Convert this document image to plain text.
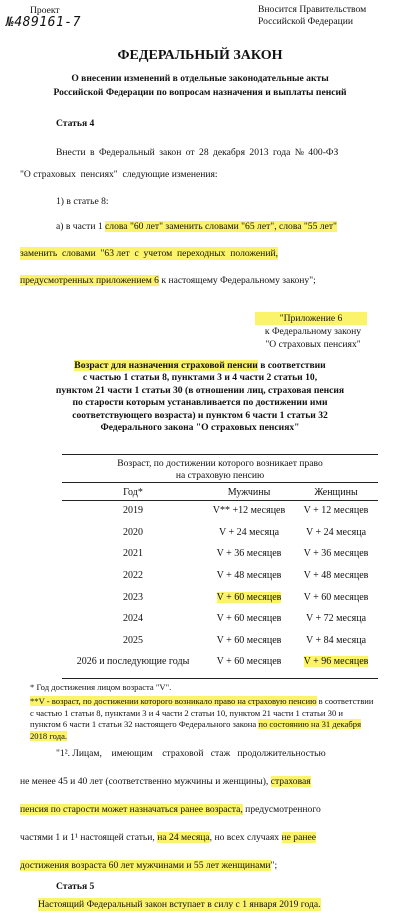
Проект
№489161-7
Вносится Правительством
Российской Федерации
ФЕДЕРАЛЬНЫЙ ЗАКОН
О внесении изменений в отдельные законодательные акты
Российской Федерации по вопросам назначения и выплаты пенсий
Статья 4
Внести в Федеральный закон от 28 декабря 2013 года № 400-ФЗ
"О страховых  пенсиях"  следующие изменения:
1) в статье 8:
а) в части 1 слова "60 лет" заменить словами "65 лет", слова "55 лет"
заменить  словами  "63 лет  с  учетом  переходных  положений,
предусмотренных приложением 6 к настоящему Федеральному закону";
"Приложение 6
к Федеральному закону
"О страховых пенсиях"
Возраст для назначения страховой пенсии в соответствии
с частью 1 статьи 8, пунктами 3 и 4 части 2 статьи 10,
пунктом 21 части 1 статьи 30 (в отношении лиц, страховая пенсия
по старости которым устанавливается по достижении ими
соответствующего возраста) и пунктом 6 части 1 статьи 32
Федерального закона "О страховых пенсиях"
Возраст, по достижении которого возникает право
на страховую пенсию
Год*	Мужчины	Женщины
2019	V** +12 месяцев	V + 12 месяцев
2020	V + 24 месяца	V + 24 месяца
2021	V + 36 месяцев	V + 36 месяцев
2022	V + 48 месяцев	V + 48 месяцев
2023	V + 60 месяцев	V + 60 месяцев
2024	V + 60 месяцев	V + 72 месяца
2025	V + 60 месяцев	V + 84 месяца
2026 и последующие годы	V + 60 месяцев	V + 96 месяцев
* Год достижения лицом возраста "V".
**V - возраст, по достижении которого возникало право на страховую пенсию в соответствии
с частью 1 статьи 8, пунктами 3 и 4 части 2 статьи 10, пунктом 21 части 1 статьи 30 и
пунктом 6 части 1 статьи 32 настоящего Федерального закона по состоянию на 31 декабря
2018 года.
"1². Лицам,    имеющим    страховой   стаж   продолжительностью
не менее 45 и 40 лет (соответственно мужчины и женщины), страховая
пенсия по старости может назначаться ранее возраста, предусмотренного
частями 1 и 1¹ настоящей статьи, на 24 месяца, но всех случаях не ранее
достижения возраста 60 лет мужчинами и 55 лет женщинами";
Статья 5
Настоящий Федеральный закон вступает в силу с 1 января 2019 года.
